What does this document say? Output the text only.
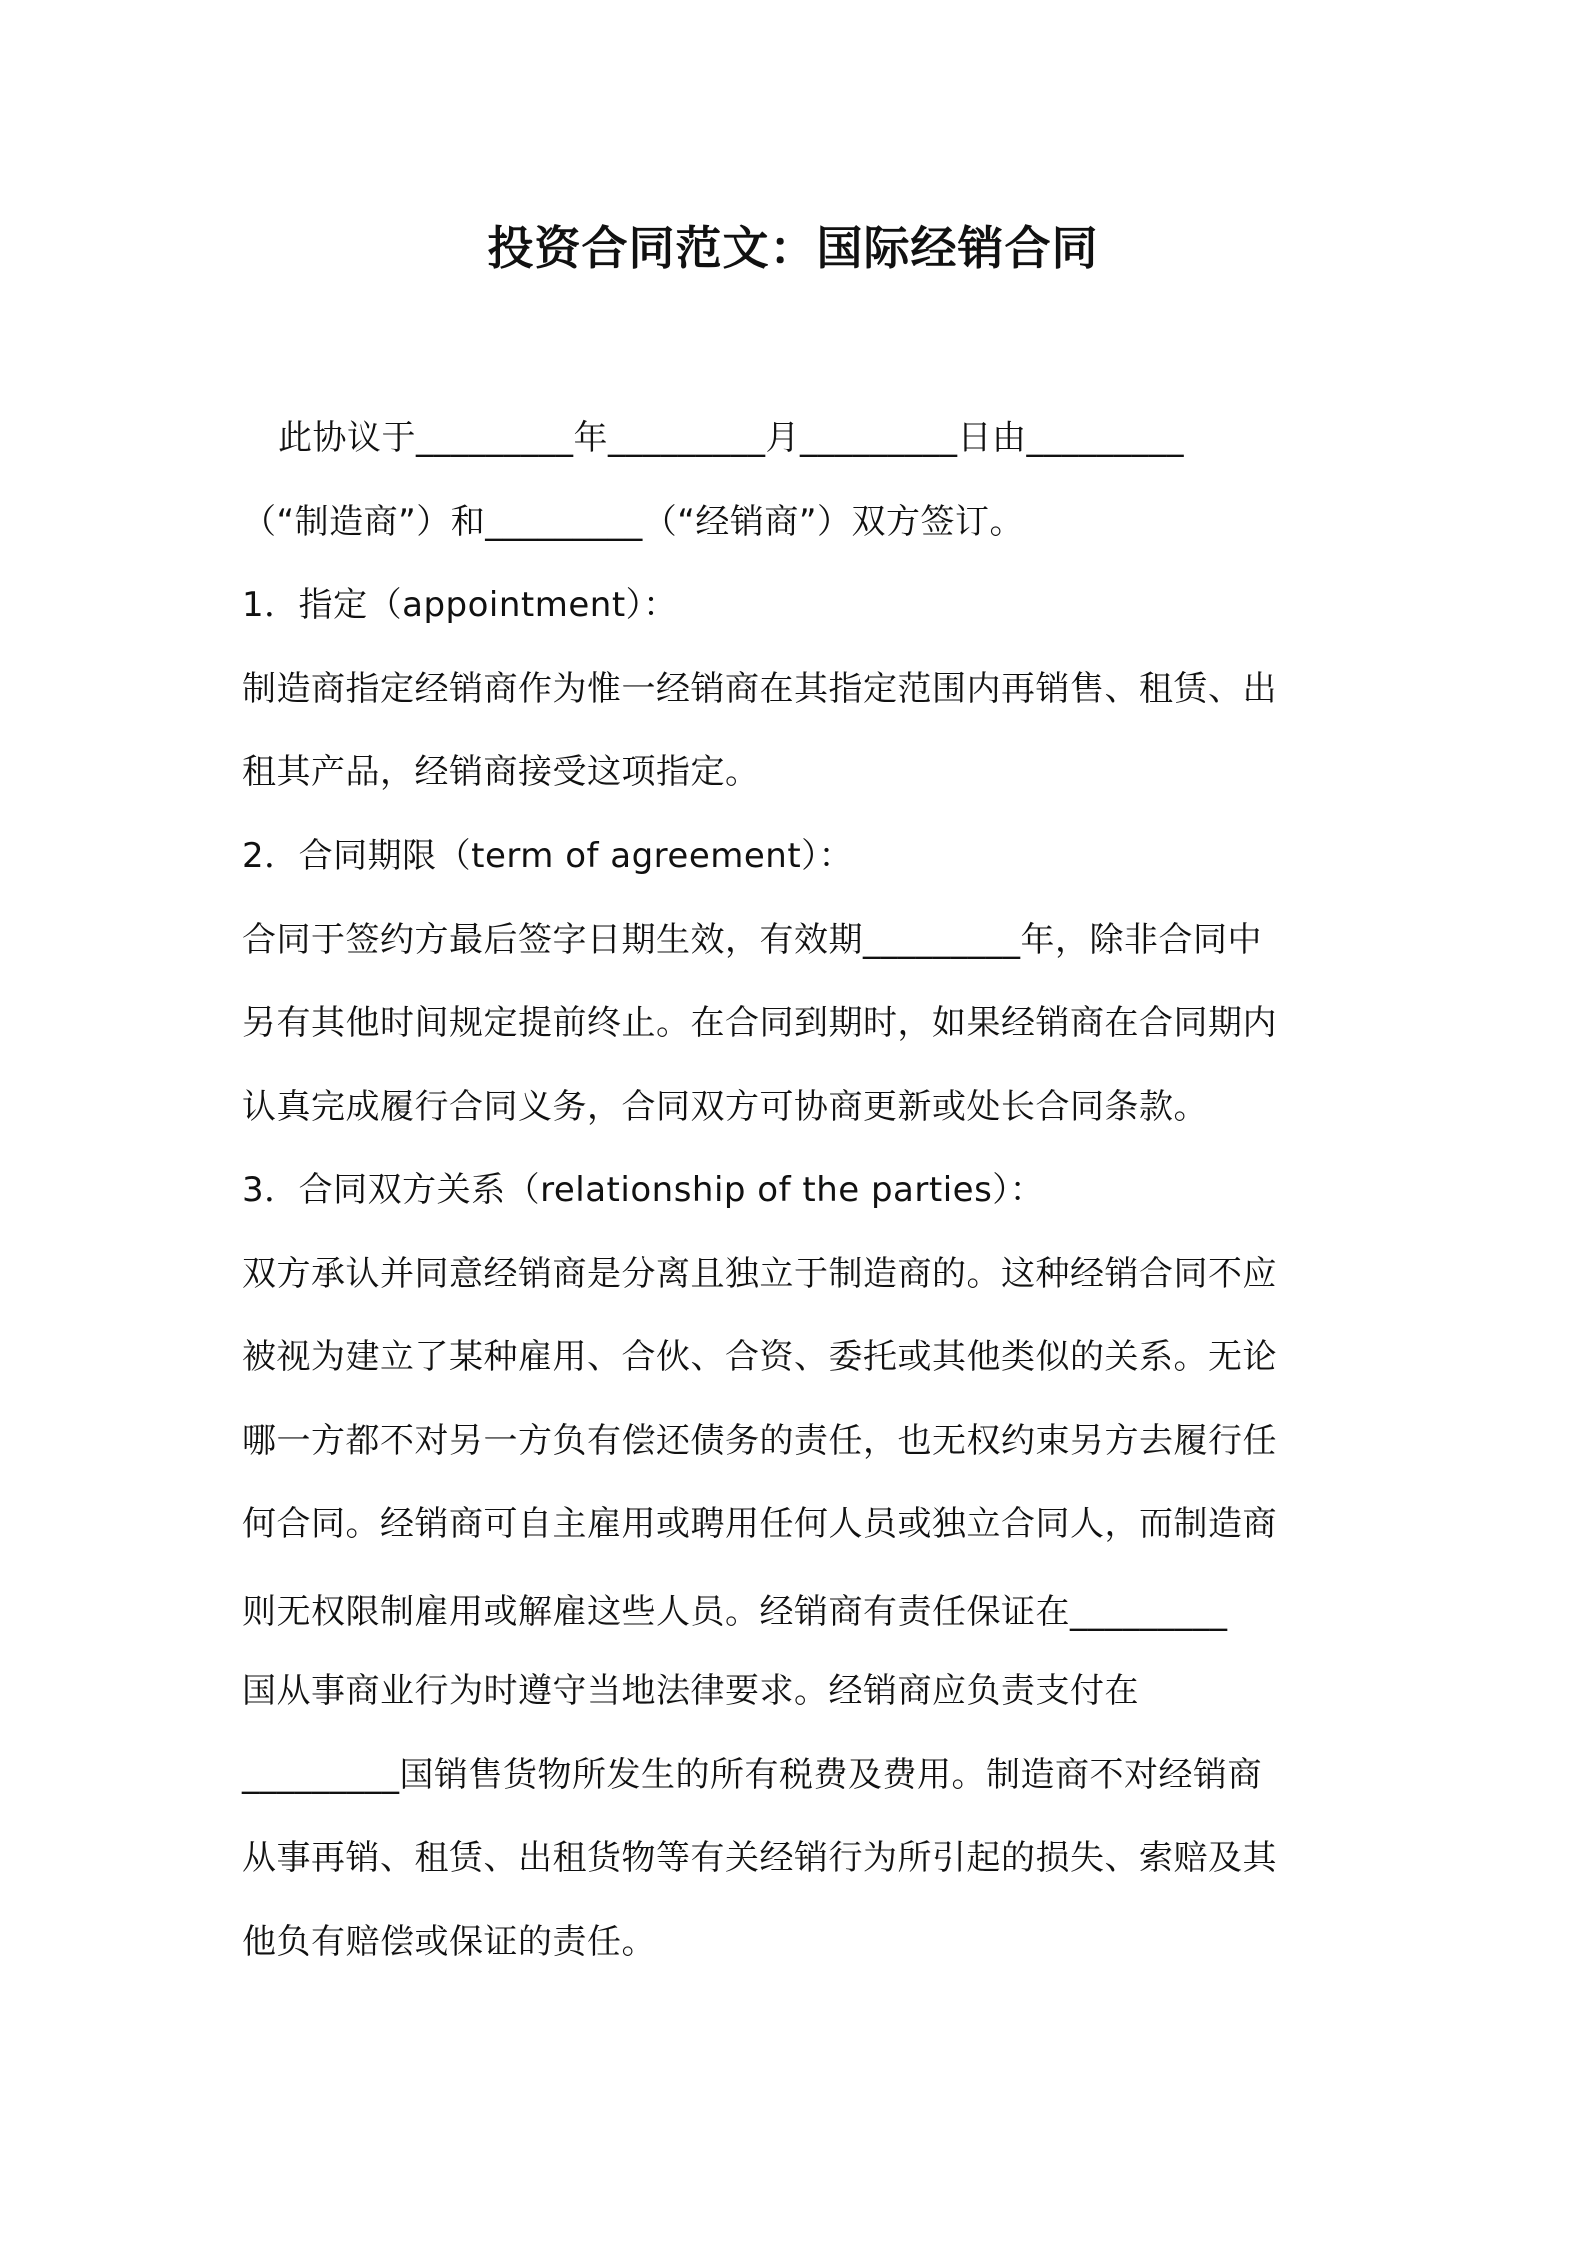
投资合同范文：国际经销合同
此协议于_________年_________月_________日由_________
（“制造商”）和_________（“经销商”）双方签订。
1．指定（appointment）：
制造商指定经销商作为惟一经销商在其指定范围内再销售、租赁、出
租其产品，经销商接受这项指定。
2．合同期限（term of agreement）：
合同于签约方最后签字日期生效，有效期_________年，除非合同中
另有其他时间规定提前终止。在合同到期时，如果经销商在合同期内
认真完成履行合同义务，合同双方可协商更新或处长合同条款。
3．合同双方关系（relationship of the parties）：
双方承认并同意经销商是分离且独立于制造商的。这种经销合同不应
被视为建立了某种雇用、合伙、合资、委托或其他类似的关系。无论
哪一方都不对另一方负有偿还债务的责任，也无权约束另方去履行任
何合同。经销商可自主雇用或聘用任何人员或独立合同人，而制造商
则无权限制雇用或解雇这些人员。经销商有责任保证在_________
国从事商业行为时遵守当地法律要求。经销商应负责支付在
_________国销售货物所发生的所有税费及费用。制造商不对经销商
从事再销、租赁、出租货物等有关经销行为所引起的损失、索赔及其
他负有赔偿或保证的责任。
